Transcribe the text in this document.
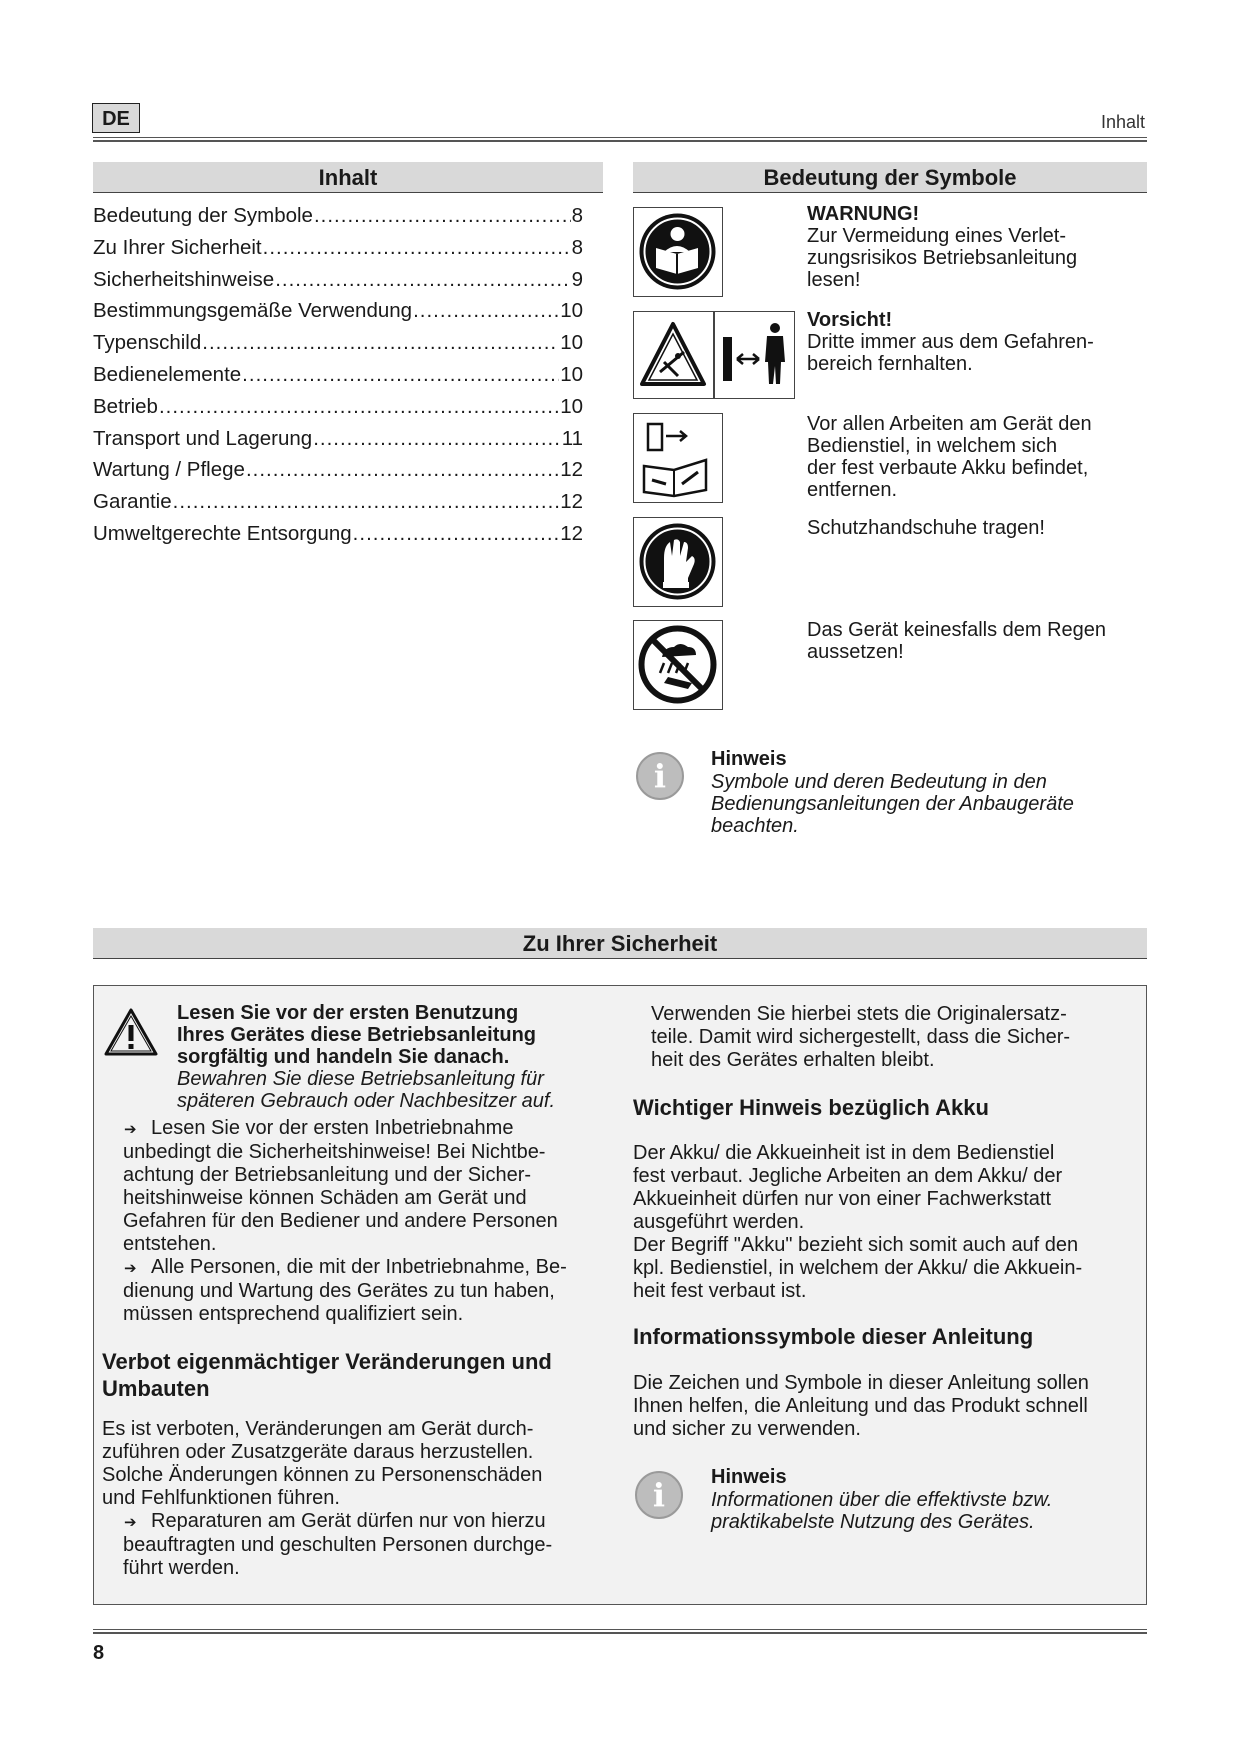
DE	Inhalt
Inhalt
Bedeutung der Symbole .....	8
Zu Ihrer Sicherheit .....	8
Sicherheitshinweise .....	9
Bestimmungsgemäße Verwendung .....	10
Typenschild .....	10
Bedienelemente .....	10
Betrieb .....	10
Transport und Lagerung .....	11
Wartung / Pflege .....	12
Garantie .....	12
Umweltgerechte Entsorgung .....	12
Bedeutung der Symbole
WARNUNG!
Zur Vermeidung eines Verlet-
zungsrisikos Betriebsanleitung
lesen!
Vorsicht!
Dritte immer aus dem Gefahren-
bereich fernhalten.
Vor allen Arbeiten am Gerät den
Bedienstiel, in welchem sich
der fest verbaute Akku befindet,
entfernen.
Schutzhandschuhe tragen!
Das Gerät keinesfalls dem Regen
aussetzen!
i	Hinweis
Symbole und deren Bedeutung in den
Bedienungsanleitungen der Anbaugeräte
beachten.
Zu Ihrer Sicherheit
Lesen Sie vor der ersten Benutzung
Ihres Gerätes diese Betriebsanleitung
sorgfältig und handeln Sie danach.
Bewahren Sie diese Betriebsanleitung für
späteren Gebrauch oder Nachbesitzer auf.
➔ Lesen Sie vor der ersten Inbetriebnahme
unbedingt die Sicherheitshinweise! Bei Nichtbe-
achtung der Betriebsanleitung und der Sicher-
heitshinweise können Schäden am Gerät und
Gefahren für den Bediener und andere Personen
entstehen.
➔ Alle Personen, die mit der Inbetriebnahme, Be-
dienung und Wartung des Gerätes zu tun haben,
müssen entsprechend qualifiziert sein.
Verbot eigenmächtiger Veränderungen und
Umbauten
Es ist verboten, Veränderungen am Gerät durch-
zuführen oder Zusatzgeräte daraus herzustellen.
Solche Änderungen können zu Personenschäden
und Fehlfunktionen führen.
➔ Reparaturen am Gerät dürfen nur von hierzu
beauftragten und geschulten Personen durchge-
führt werden.
Verwenden Sie hierbei stets die Originalersatz-
teile. Damit wird sichergestellt, dass die Sicher-
heit des Gerätes erhalten bleibt.
Wichtiger Hinweis bezüglich Akku
Der Akku/ die Akkueinheit ist in dem Bedienstiel
fest verbaut. Jegliche Arbeiten an dem Akku/ der
Akkueinheit dürfen nur von einer Fachwerkstatt
ausgeführt werden.
Der Begriff "Akku" bezieht sich somit auch auf den
kpl. Bedienstiel, in welchem der Akku/ die Akkuein-
heit fest verbaut ist.
Informationssymbole dieser Anleitung
Die Zeichen und Symbole in dieser Anleitung sollen
Ihnen helfen, die Anleitung und das Produkt schnell
und sicher zu verwenden.
i	Hinweis
Informationen über die effektivste bzw.
praktikabelste Nutzung des Gerätes.
8
